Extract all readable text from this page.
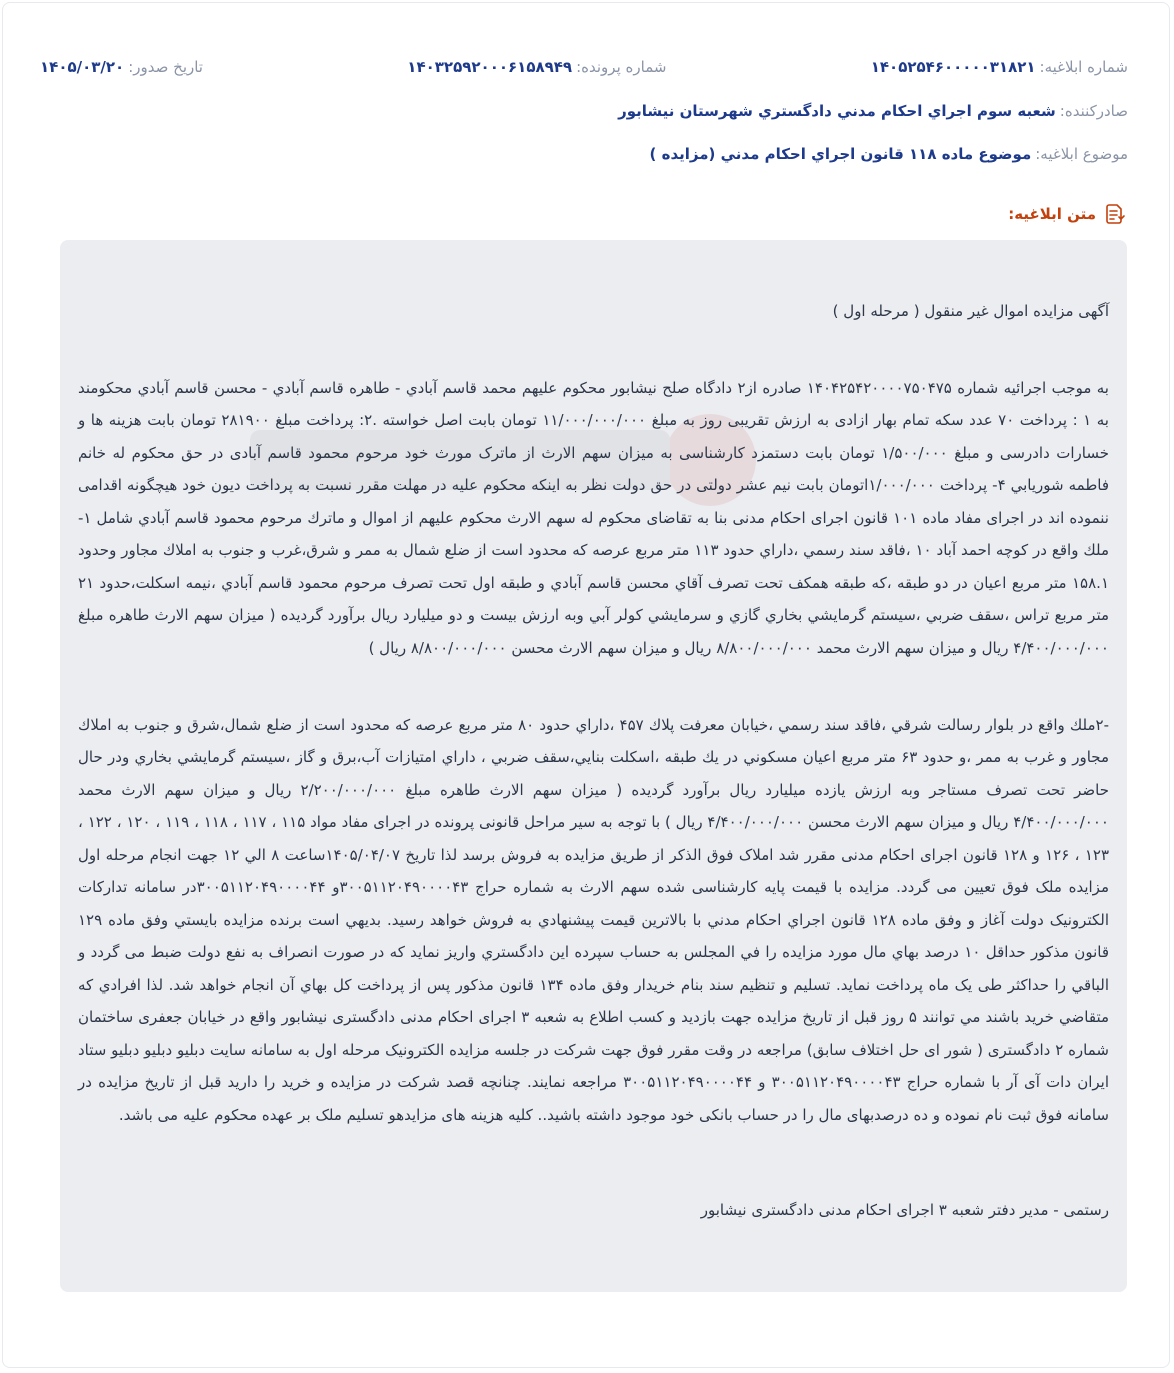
شماره ابلاغیه:
۱۴۰۵۲۵۴۶۰۰۰۰۰۳۱۸۲۱
شماره پرونده:
۱۴۰۳۲۵۹۲۰۰۰۶۱۵۸۹۴۹
تاریخ صدور:
۱۴۰۵/۰۳/۲۰
صادرکننده:
شعبه سوم اجراي احكام مدني دادگستري شهرستان نيشابور
موضوع ابلاغیه:
موضوع ماده ۱۱۸ قانون اجراي احكام مدني (مزايده )
متن ابلاغیه:

آگهی مزايده اموال غیر منقول ( مرحله اول )

به موجب اجرائیه شماره ۱۴۰۴۲۵۴۲۰۰۰۰۷۵۰۴۷۵ صادره از۲ دادگاه صلح نیشابور محکوم علیهم محمد قاسم آبادي - طاهره قاسم آبادي - محسن قاسم آبادي محکومند به ۱ : پرداخت ۷۰ عدد سکه تمام بهار ازادی به ارزش تقریبی روز به مبلغ ۱۱/۰۰۰/۰۰۰/۰۰۰ تومان بابت اصل خواسته .۲: پرداخت مبلغ ۲۸۱۹۰۰ تومان بابت هزینه ها و خسارات دادرسی و مبلغ ۱/۵۰۰/۰۰۰ تومان بابت دستمزد کارشناسی به میزان سهم الارث از ماترک مورث خود مرحوم محمود قاسم آبادی در حق محکوم له خانم فاطمه شوریابي ۴- پرداخت ۱/۰۰۰/۰۰۰اتومان بابت نیم عشر دولتی در حق دولت نظر به اینکه محکوم علیه در مهلت مقرر نسبت به پرداخت دیون خود هیچگونه اقدامی ننموده اند در اجرای مفاد ماده ۱۰۱ قانون اجرای احکام مدنی بنا به تقاضای محکوم له سهم الارث محكوم عليهم از اموال و ماترك مرحوم محمود قاسم آبادي شامل ۱- ملك واقع در كوچه احمد آباد ۱۰ ،فاقد سند رسمي ،داراي حدود ۱۱۳ متر مربع عرصه كه محدود است از ضلع شمال به ممر و شرق،غرب و جنوب به املاك مجاور وحدود ۱۵۸.۱ متر مربع اعيان در دو طبقه ،كه طبقه همكف تحت تصرف آقاي محسن قاسم آبادي و طبقه اول تحت تصرف مرحوم محمود قاسم آبادي ،نيمه اسكلت،حدود ۲۱ متر مربع تراس ،سقف ضربي ،سيستم گرمايشي بخاري گازي و سرمايشي كولر آبي وبه ارزش بيست و دو ميليارد ريال برآورد گرديده ( ميزان سهم الارث طاهره مبلغ ۴/۴۰۰/۰۰۰/۰۰۰ ريال و ميزان سهم الارث محمد ۸/۸۰۰/۰۰۰/۰۰۰ ريال و ميزان سهم الارث محسن ۸/۸۰۰/۰۰۰/۰۰۰ ريال )

-۲ملك واقع در بلوار رسالت شرقي ،فاقد سند رسمي ،خيابان معرفت پلاك ۴۵۷ ،داراي حدود ۸۰ متر مربع عرصه كه محدود است از ضلع شمال،شرق و جنوب به املاك مجاور و غرب به ممر ،و حدود ۶۳ متر مربع اعيان مسكوني در يك طبقه ،اسكلت بنايي،سقف ضربي ، داراي امتيازات آب،برق و گاز ،سيستم گرمايشي بخاري ودر حال حاضر تحت تصرف مستاجر وبه ارزش يازده ميليارد ريال برآورد گرديده ( ميزان سهم الارث طاهره مبلغ ۲/۲۰۰/۰۰۰/۰۰۰ ريال و ميزان سهم الارث محمد ۴/۴۰۰/۰۰۰/۰۰۰ ريال و ميزان سهم الارث محسن ۴/۴۰۰/۰۰۰/۰۰۰ ريال ) با توجه به سیر مراحل قانونی پرونده در اجرای مفاد مواد ۱۱۵ ، ۱۱۷ ، ۱۱۸ ، ۱۱۹ ، ۱۲۰ ، ۱۲۲ ، ۱۲۳ ، ۱۲۶ و ۱۲۸ قانون اجرای احکام مدنی مقرر شد املاک فوق الذکر از طریق مزایده به فروش برسد لذا تاریخ ۱۴۰۵/۰۴/۰۷ساعت ۸ الي ۱۲ جهت انجام مرحله اول مزایده ملک فوق تعیین می گردد. مزایده با قیمت پایه کارشناسی شده سهم الارث به شماره حراج ۳۰۰۵۱۱۲۰۴۹۰۰۰۰۴۳و ۳۰۰۵۱۱۲۰۴۹۰۰۰۰۴۴در سامانه تدارکات الکترونیک دولت آغاز و وفق ماده ۱۲۸ قانون اجراي احكام مدني با بالاترين قيمت پيشنهادي به فروش خواهد رسيد. بديهي است برنده مزايده بايستي وفق ماده ۱۲۹ قانون مذكور حداقل ۱۰ درصد بهاي مال مورد مزايده را في المجلس به حساب سپرده اين دادگستري واريز نمايد كه در صورت انصراف به نفع دولت ضبط می گردد و الباقي را حداكثر طی یک ماه پرداخت نمايد. تسليم و تنظيم سند بنام خريدار وفق ماده ۱۳۴ قانون مذكور پس از پرداخت كل بهاي آن انجام خواهد شد. لذا افرادي كه متقاضي خريد باشند مي توانند ۵ روز قبل از تاريخ مزايده جهت بازديد و كسب اطلاع به شعبه ۳ اجرای احکام مدنی دادگستری نیشابور واقع در خيابان جعفری ساختمان شماره ۲ دادگستری ( شور ای حل اختلاف سابق) مراجعه در وقت مقرر فوق جهت شركت در جلسه مزایده الکترونیک مرحله اول به سامانه سایت دبلیو دبلیو دبلیو ستاد ایران دات آی آر با شماره حراج ۳۰۰۵۱۱۲۰۴۹۰۰۰۰۴۳ و ۳۰۰۵۱۱۲۰۴۹۰۰۰۰۴۴ مراجعه نمایند. چنانچه قصد شرکت در مزایده و خرید را دارید قبل از تاریخ مزایده در سامانه فوق ثبت نام نموده و ده درصدبهای مال را در حساب بانکی خود موجود داشته باشید.. کلیه هزینه های مزایدهو تسلیم ملک بر عهده محکوم علیه می باشد.

رستمی - مدیر دفتر شعبه ۳ اجرای احکام مدنی دادگستری نیشابور
